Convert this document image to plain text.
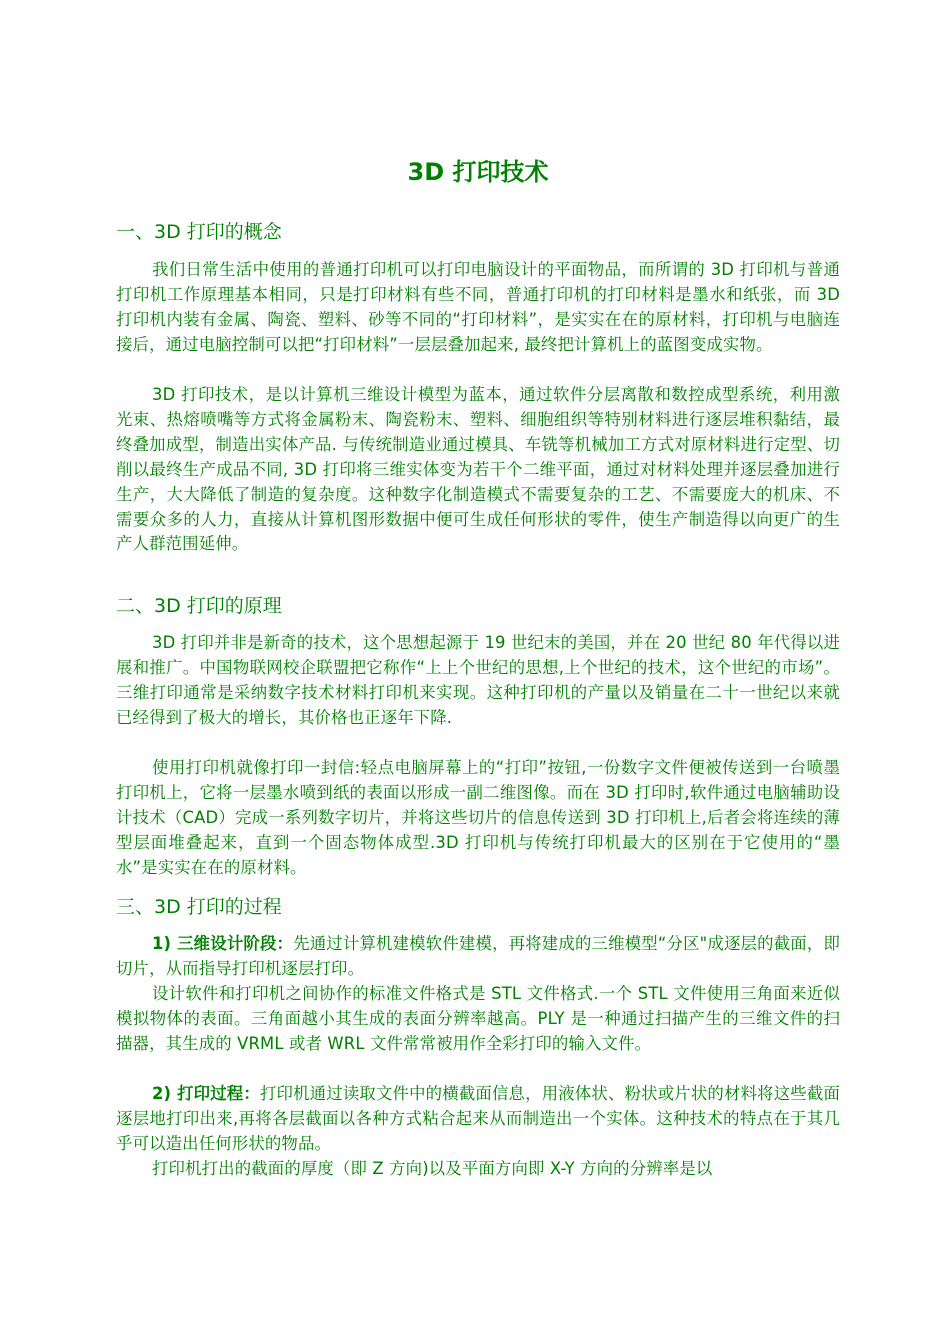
3D 打印技术
一、3D 打印的概念

我们日常生活中使用的普通打印机可以打印电脑设计的平面物品，而所谓的 3D 打印机与普通打印机工作原理基本相同，只是打印材料有些不同，普通打印机的打印材料是墨水和纸张，而 3D 打印机内装有金属、陶瓷、塑料、砂等不同的“打印材料”，是实实在在的原材料，打印机与电脑连接后，通过电脑控制可以把“打印材料”一层层叠加起来, 最终把计算机上的蓝图变成实物。

3D 打印技术，是以计算机三维设计模型为蓝本，通过软件分层离散和数控成型系统，利用激光束、热熔喷嘴等方式将金属粉末、陶瓷粉末、塑料、细胞组织等特别材料进行逐层堆积黏结，最终叠加成型，制造出实体产品. 与传统制造业通过模具、车铣等机械加工方式对原材料进行定型、切削以最终生产成品不同, 3D 打印将三维实体变为若干个二维平面，通过对材料处理并逐层叠加进行生产，大大降低了制造的复杂度。这种数字化制造模式不需要复杂的工艺、不需要庞大的机床、不需要众多的人力，直接从计算机图形数据中便可生成任何形状的零件，使生产制造得以向更广的生产人群范围延伸。

二、3D 打印的原理

3D 打印并非是新奇的技术，这个思想起源于 19 世纪末的美国，并在 20 世纪 80 年代得以进展和推广。中国物联网校企联盟把它称作“上上个世纪的思想,上个世纪的技术，这个世纪的市场”。三维打印通常是采纳数字技术材料打印机来实现。这种打印机的产量以及销量在二十一世纪以来就已经得到了极大的增长，其价格也正逐年下降.

使用打印机就像打印一封信:轻点电脑屏幕上的“打印”按钮,一份数字文件便被传送到一台喷墨打印机上，它将一层墨水喷到纸的表面以形成一副二维图像。而在 3D 打印时,软件通过电脑辅助设计技术（CAD）完成一系列数字切片，并将这些切片的信息传送到 3D 打印机上,后者会将连续的薄型层面堆叠起来，直到一个固态物体成型.3D 打印机与传统打印机最大的区别在于它使用的“墨水”是实实在在的原材料。

三、3D 打印的过程

1) 三维设计阶段：先通过计算机建模软件建模，再将建成的三维模型“分区"成逐层的截面，即切片，从而指导打印机逐层打印。

设计软件和打印机之间协作的标准文件格式是 STL 文件格式.一个 STL 文件使用三角面来近似模拟物体的表面。三角面越小其生成的表面分辨率越高。PLY 是一种通过扫描产生的三维文件的扫描器，其生成的 VRML 或者 WRL 文件常常被用作全彩打印的输入文件。

2) 打印过程：打印机通过读取文件中的横截面信息，用液体状、粉状或片状的材料将这些截面逐层地打印出来,再将各层截面以各种方式粘合起来从而制造出一个实体。这种技术的特点在于其几乎可以造出任何形状的物品。

打印机打出的截面的厚度（即 Z 方向)以及平面方向即 X-Y 方向的分辨率是以
